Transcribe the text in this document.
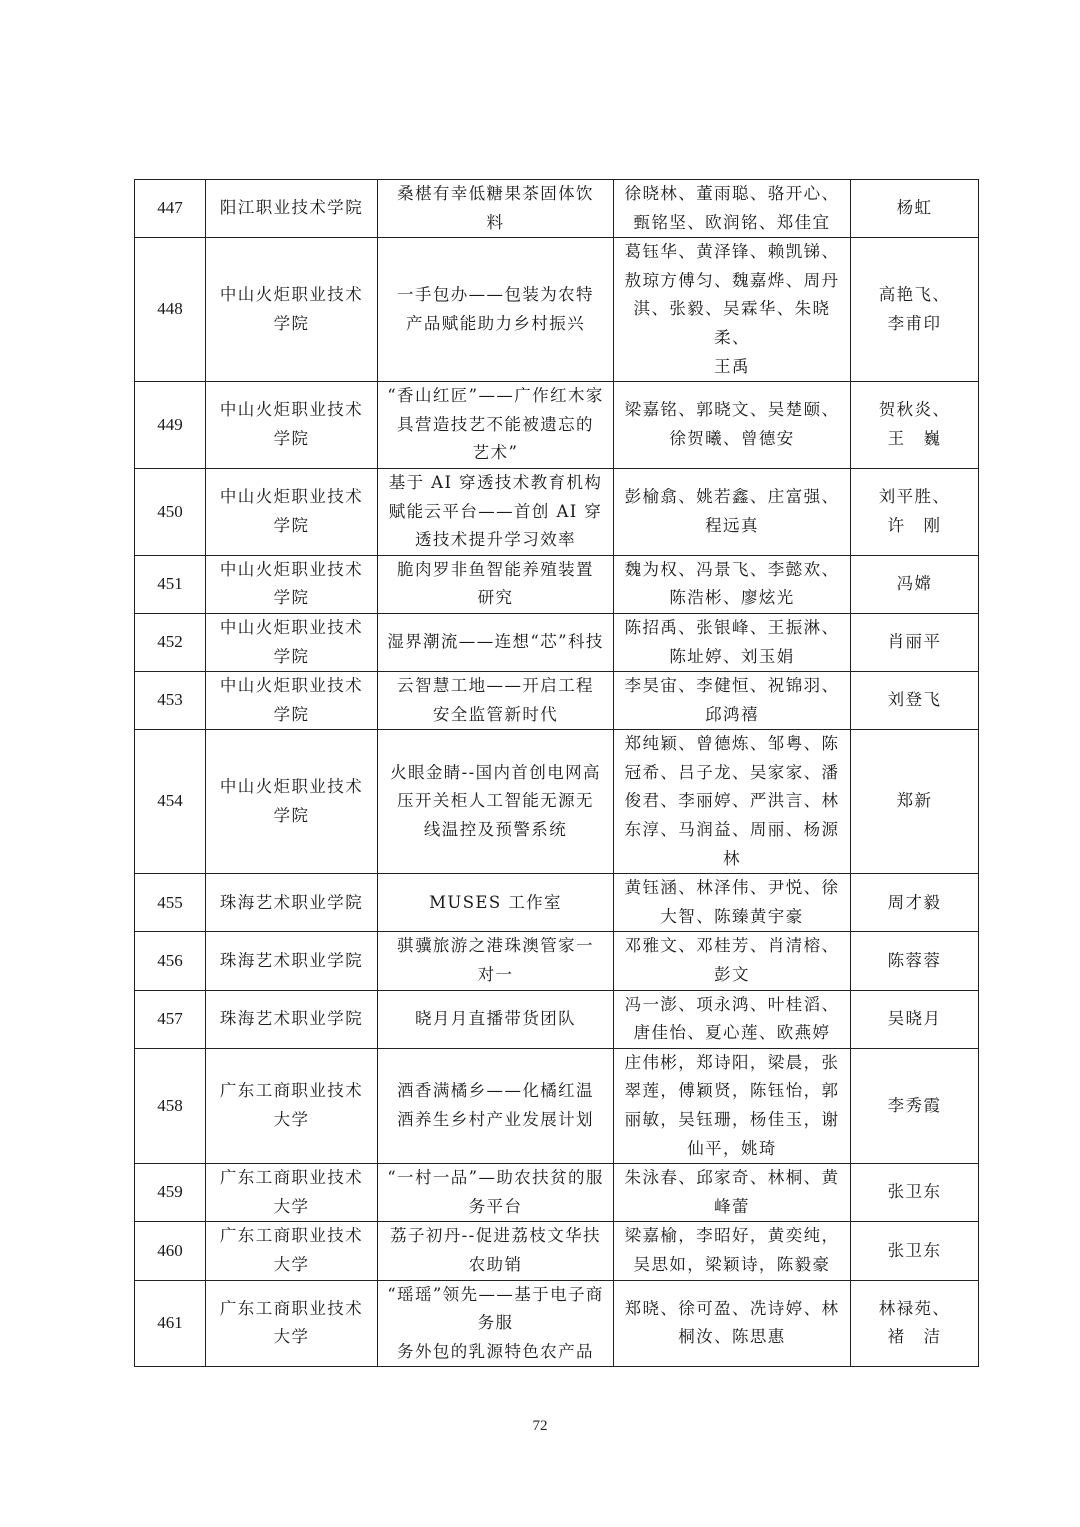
447	阳江职业技术学院	桑椹有幸低糖果茶固体饮
料	徐晓林、董雨聪、骆开心、
甄铭坚、欧润铭、郑佳宜	杨虹
448	中山火炬职业技术
学院	一手包办——包装为农特
产品赋能助力乡村振兴	葛钰华、黄泽锋、赖凯锑、
敖琼方傅匀、魏嘉烨、周丹
淇、张毅、吴霖华、朱晓柔、
王禹	高艳飞、
李甫印
449	中山火炬职业技术
学院	“香山红匠”——广作红木家
具营造技艺不能被遗忘的
艺术”	梁嘉铭、郭晓文、吴楚颐、
徐贺曦、曾德安	贺秋炎、
王　巍
450	中山火炬职业技术
学院	基于 AI 穿透技术教育机构
赋能云平台——首创 AI 穿
透技术提升学习效率	彭榆翕、姚若鑫、庄富强、
程远真	刘平胜、
许　刚
451	中山火炬职业技术
学院	脆肉罗非鱼智能养殖装置
研究	魏为权、冯景飞、李懿欢、
陈浩彬、廖炫光	冯嫦
452	中山火炬职业技术
学院	湿界潮流——连想“芯”科技	陈招禹、张银峰、王振淋、
陈址婷、刘玉娟	肖丽平
453	中山火炬职业技术
学院	云智慧工地——开启工程
安全监管新时代	李昊宙、李健恒、祝锦羽、
邱鸿禧	刘登飞
454	中山火炬职业技术
学院	火眼金睛--国内首创电网高
压开关柜人工智能无源无
线温控及预警系统	郑纯颖、曾德炼、邹粤、陈
冠希、吕子龙、吴家家、潘
俊君、李丽婷、严洪言、林
东淳、马润益、周丽、杨源
林	郑新
455	珠海艺术职业学院	MUSES 工作室	黄钰涵、林泽伟、尹悦、徐
大智、陈臻黄宇豪	周才毅
456	珠海艺术职业学院	骐骥旅游之港珠澳管家一
对一	邓雅文、邓桂芳、肖清榕、
彭文	陈蓉蓉
457	珠海艺术职业学院	晓月月直播带货团队	冯一澎、项永鸿、叶桂滔、
唐佳怡、夏心莲、欧燕婷	吴晓月
458	广东工商职业技术
大学	酒香满橘乡——化橘红温
酒养生乡村产业发展计划	庄伟彬，郑诗阳，梁晨，张
翠莲，傅颖贤，陈钰怡，郭
丽敏，吴钰珊，杨佳玉，谢
仙平，姚琦	李秀霞
459	广东工商职业技术
大学	“一村一品”—助农扶贫的服
务平台	朱泳春、邱家奇、林桐、黄
峰蕾	张卫东
460	广东工商职业技术
大学	荔子初丹--促进荔枝文华扶
农助销	梁嘉榆，李昭好，黄奕纯，
吴思如，梁颖诗，陈毅豪	张卫东
461	广东工商职业技术
大学	“瑶瑶”领先——基于电子商
务服
务外包的乳源特色农产品	郑晓、徐可盈、冼诗婷、林
桐汝、陈思惠	林禄苑、
褚　洁
72
